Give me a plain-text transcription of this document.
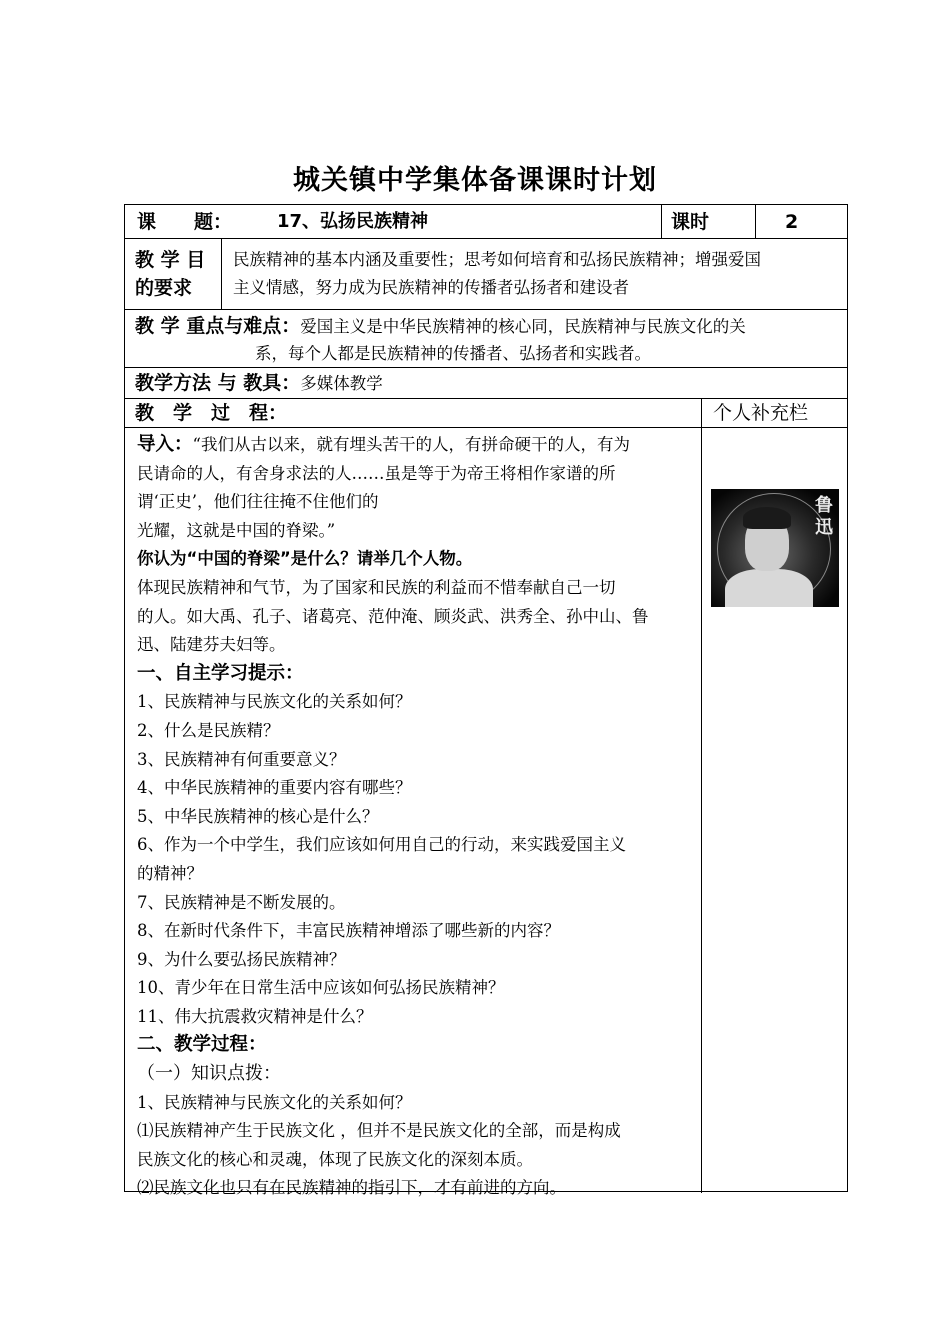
城关镇中学集体备课课时计划
课　　题： 17、弘扬民族精神	课时	2
教 学 目
的要求
民族精神的基本内涵及重要性；思考如何培育和弘扬民族精神；增强爱国
主义情感，努力成为民族精神的传播者弘扬者和建设者
教 学 重点与难点：爱国主义是中华民族精神的核心同，民族精神与民族文化的关
系，每个人都是民族精神的传播者、弘扬者和实践者。
教学方法 与 教具：多媒体教学
教　学　过　程：	个人补充栏
鲁
迅
导入：“我们从古以来，就有埋头苦干的人，有拼命硬干的人，有为
民请命的人，有舍身求法的人……虽是等于为帝王将相作家谱的所
谓‘正史’，他们往往掩不住他们的
光耀，这就是中国的脊梁。”
你认为“中国的脊梁”是什么？请举几个人物。
体现民族精神和气节，为了国家和民族的利益而不惜奉献自己一切
的人。如大禹、孔子、诸葛亮、范仲淹、顾炎武、洪秀全、孙中山、鲁
迅、陆建芬夫妇等。
一、自主学习提示：
1、民族精神与民族文化的关系如何？
2、什么是民族精？
3、民族精神有何重要意义？
4、中华民族精神的重要内容有哪些？
5、中华民族精神的核心是什么？
6、作为一个中学生，我们应该如何用自己的行动，来实践爱国主义
的精神？
7、民族精神是不断发展的。
8、在新时代条件下，丰富民族精神增添了哪些新的内容？
9、为什么要弘扬民族精神？
10、青少年在日常生活中应该如何弘扬民族精神？
11、伟大抗震救灾精神是什么？
二、教学过程：
（一）知识点拨：
1、民族精神与民族文化的关系如何？
⑴民族精神产生于民族文化 ，但并不是民族文化的全部，而是构成
民族文化的核心和灵魂，体现了民族文化的深刻本质。
⑵民族文化也只有在民族精神的指引下，才有前进的方向。
